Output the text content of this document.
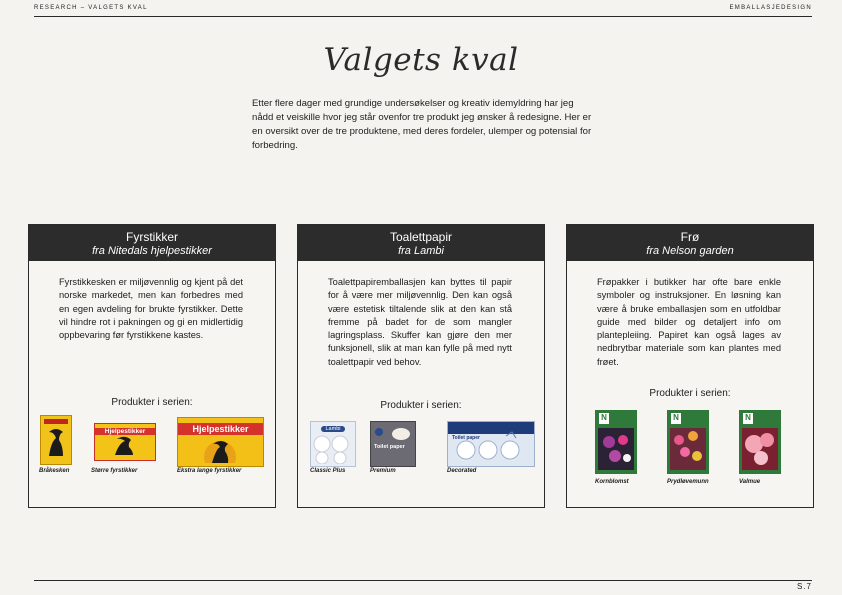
RESEARCH – VALGETS KVAL	EMBALLASJEDESIGN
Valgets kval
Etter flere dager med grundige undersøkelser og kreativ idemyldring har jeg nådd et veiskille hvor jeg står ovenfor tre produkt jeg ønsker å redesigne. Her er en oversikt over de tre produktene, med deres fordeler, ulemper og potensial for forbedring.
Fyrstikker
fra Nitedals hjelpestikker
Fyrstikkesken er miljøvennlig og kjent på det norske markedet, men kan forbedres med en egen avdeling for brukte fyrstikker. Dette vil hindre rot i pakningen og gi en midlertidig oppbevaring før fyrstikkene kastes.
Produkter i serien:
Hjelpestikker	Hjelpestikker
Bråkesken	Større fyrstikker	Ekstra lange fyrstikker
Toalettpapir
fra Lambi
Toalettpapiremballasjen kan byttes til papir for å være mer miljøvennlig. Den kan også være estetisk tiltalende slik at den kan stå fremme på badet for de som mangler lagringsplass. Skuffer kan gjøre den mer funksjonell, slik at man kan fylle på med nytt toalettpapir ved behov.
Produkter i serien:
Lambi
Toilet paper
Toilet paper
Classic Plus	Premium	Decorated
Frø
fra Nelson garden
Frøpakker i butikker har ofte bare enkle symboler og instruksjoner. En løsning kan være å bruke emballasjen som en utfoldbar guide med bilder og detaljert info om plantepleiing. Papiret kan også lages av nedbrytbar materiale som kan plantes med frøet.
Produkter i serien:
N	N	N
Kornblomst	Prydløvemunn	Valmue
S.7
